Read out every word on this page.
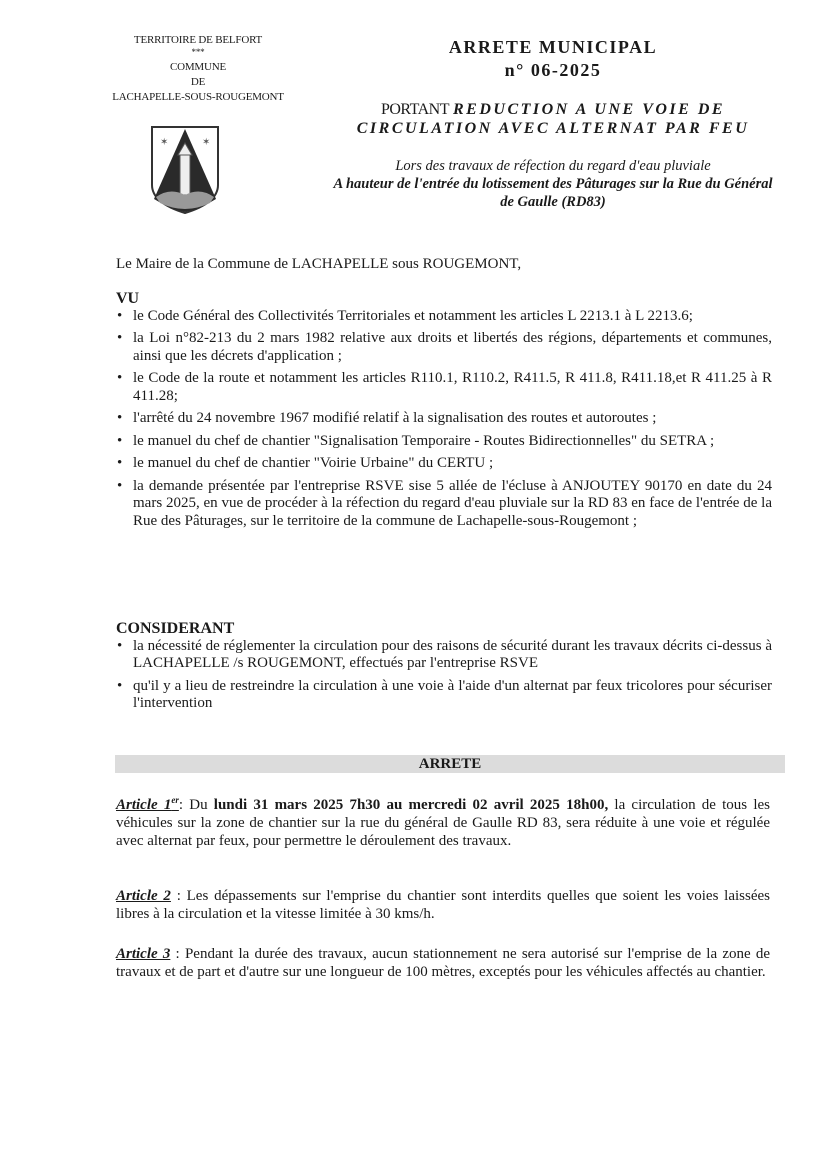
TERRITOIRE DE BELFORT
***
COMMUNE
DE
LACHAPELLE-SOUS-ROUGEMONT
✶	✶
ARRETE MUNICIPAL
n° 06-2025
PORTANT REDUCTION A UNE VOIE DE
CIRCULATION AVEC ALTERNAT PAR FEU
Lors des travaux de réfection du regard d'eau pluviale
A hauteur de l'entrée du lotissement des Pâturages sur la Rue du Général de Gaulle (RD83)
Le Maire de la Commune de LACHAPELLE sous ROUGEMONT,
VU
• le Code Général des Collectivités Territoriales et notamment les articles L 2213.1 à L 2213.6;
• la Loi n°82-213 du 2 mars 1982 relative aux droits et libertés des régions, départements et communes, ainsi que les décrets d'application ;
• le Code de la route et notamment les articles R110.1, R110.2, R411.5, R 411.8, R411.18,et R 411.25 à R 411.28;
• l'arrêté du 24 novembre 1967 modifié relatif à la signalisation des routes et autoroutes ;
• le manuel du chef de chantier "Signalisation Temporaire - Routes Bidirectionnelles" du SETRA ;
• le manuel du chef de chantier "Voirie Urbaine" du CERTU ;
• la demande présentée par l'entreprise RSVE sise 5 allée de l'écluse à ANJOUTEY 90170 en date du 24 mars 2025, en vue de procéder à la réfection du regard d'eau pluviale sur la RD 83 en face de l'entrée de la Rue des Pâturages, sur le territoire de la commune de Lachapelle-sous-Rougemont ;
CONSIDERANT
• la nécessité de réglementer la circulation pour des raisons de sécurité durant les travaux décrits ci-dessus à LACHAPELLE /s ROUGEMONT, effectués par l'entreprise RSVE
• qu'il y a lieu de restreindre la circulation à une voie à l'aide d'un alternat par feux tricolores pour sécuriser l'intervention
ARRETE

Article 1er: Du lundi 31 mars 2025 7h30 au mercredi 02 avril 2025 18h00, la circulation de tous les véhicules sur la zone de chantier sur la rue du général de Gaulle RD 83, sera réduite à une voie et régulée avec alternat par feux, pour permettre le déroulement des travaux.

Article 2 : Les dépassements sur l'emprise du chantier sont interdits quelles que soient les voies laissées libres à la circulation et la vitesse limitée à 30 kms/h.

Article 3 : Pendant la durée des travaux, aucun stationnement ne sera autorisé sur l'emprise de la zone de travaux et de part et d'autre sur une longueur de 100 mètres, exceptés pour les véhicules affectés au chantier.
